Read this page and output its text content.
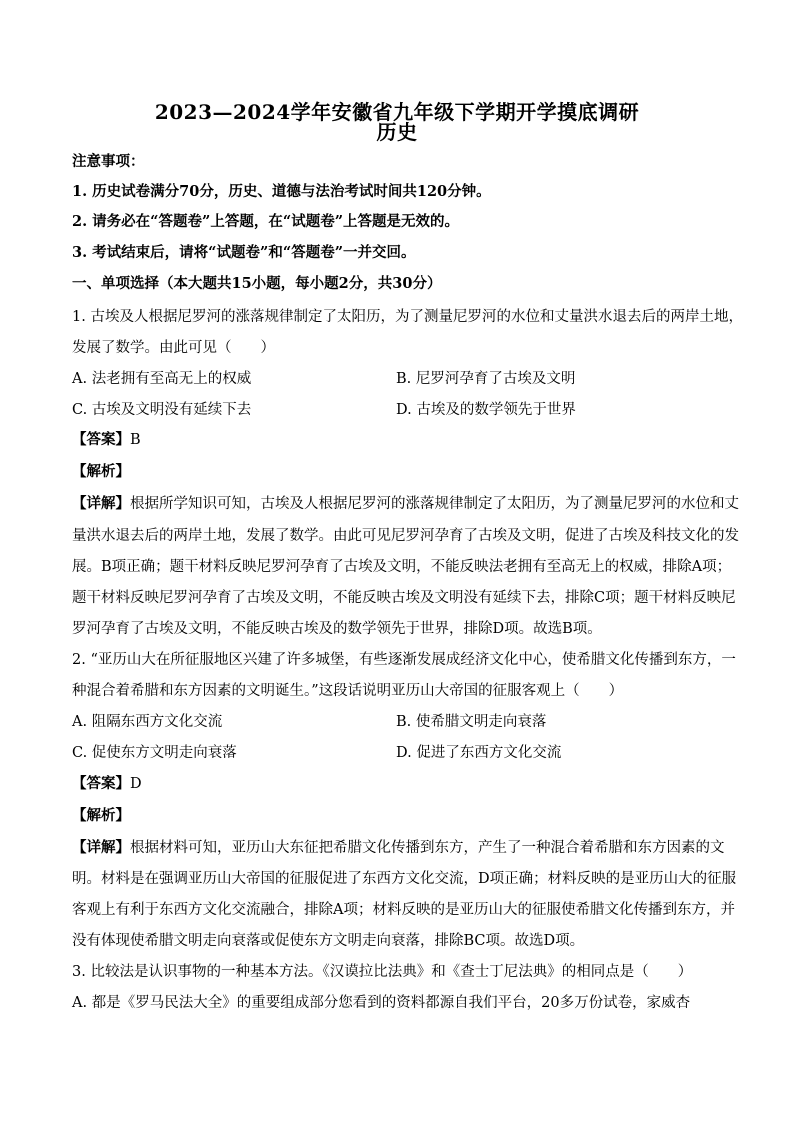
2023—2024学年安徽省九年级下学期开学摸底调研
历史
注意事项：
1. 历史试卷满分70分，历史、道德与法治考试时间共120分钟。
2. 请务必在“答题卷”上答题，在“试题卷”上答题是无效的。
3. 考试结束后，请将“试题卷”和“答题卷”一并交回。
一、单项选择（本大题共15小题，每小题2分，共30分）
1. 古埃及人根据尼罗河的涨落规律制定了太阳历，为了测量尼罗河的水位和丈量洪水退去后的两岸土地，
发展了数学。由此可见（　　）
A. 法老拥有至高无上的权威	B. 尼罗河孕育了古埃及文明
C. 古埃及文明没有延续下去	D. 古埃及的数学领先于世界
【答案】B
【解析】
【详解】根据所学知识可知，古埃及人根据尼罗河的涨落规律制定了太阳历，为了测量尼罗河的水位和丈
量洪水退去后的两岸土地，发展了数学。由此可见尼罗河孕育了古埃及文明，促进了古埃及科技文化的发
展。B项正确；题干材料反映尼罗河孕育了古埃及文明，不能反映法老拥有至高无上的权威，排除A项；
题干材料反映尼罗河孕育了古埃及文明，不能反映古埃及文明没有延续下去，排除C项；题干材料反映尼
罗河孕育了古埃及文明，不能反映古埃及的数学领先于世界，排除D项。故选B项。
2. “亚历山大在所征服地区兴建了许多城堡，有些逐渐发展成经济文化中心，使希腊文化传播到东方，一
种混合着希腊和东方因素的文明诞生。”这段话说明亚历山大帝国的征服客观上（　　）
A. 阻隔东西方文化交流	B. 使希腊文明走向衰落
C. 促使东方文明走向衰落	D. 促进了东西方文化交流
【答案】D
【解析】
【详解】根据材料可知，亚历山大东征把希腊文化传播到东方，产生了一种混合着希腊和东方因素的文
明。材料是在强调亚历山大帝国的征服促进了东西方文化交流，D项正确；材料反映的是亚历山大的征服
客观上有利于东西方文化交流融合，排除A项；材料反映的是亚历山大的征服使希腊文化传播到东方，并
没有体现使希腊文明走向衰落或促使东方文明走向衰落，排除BC项。故选D项。
3. 比较法是认识事物的一种基本方法。《汉谟拉比法典》和《查士丁尼法典》的相同点是（　　）
A. 都是《罗马民法大全》的重要组成部分您看到的资料都源自我们平台，20多万份试卷，家威杏
